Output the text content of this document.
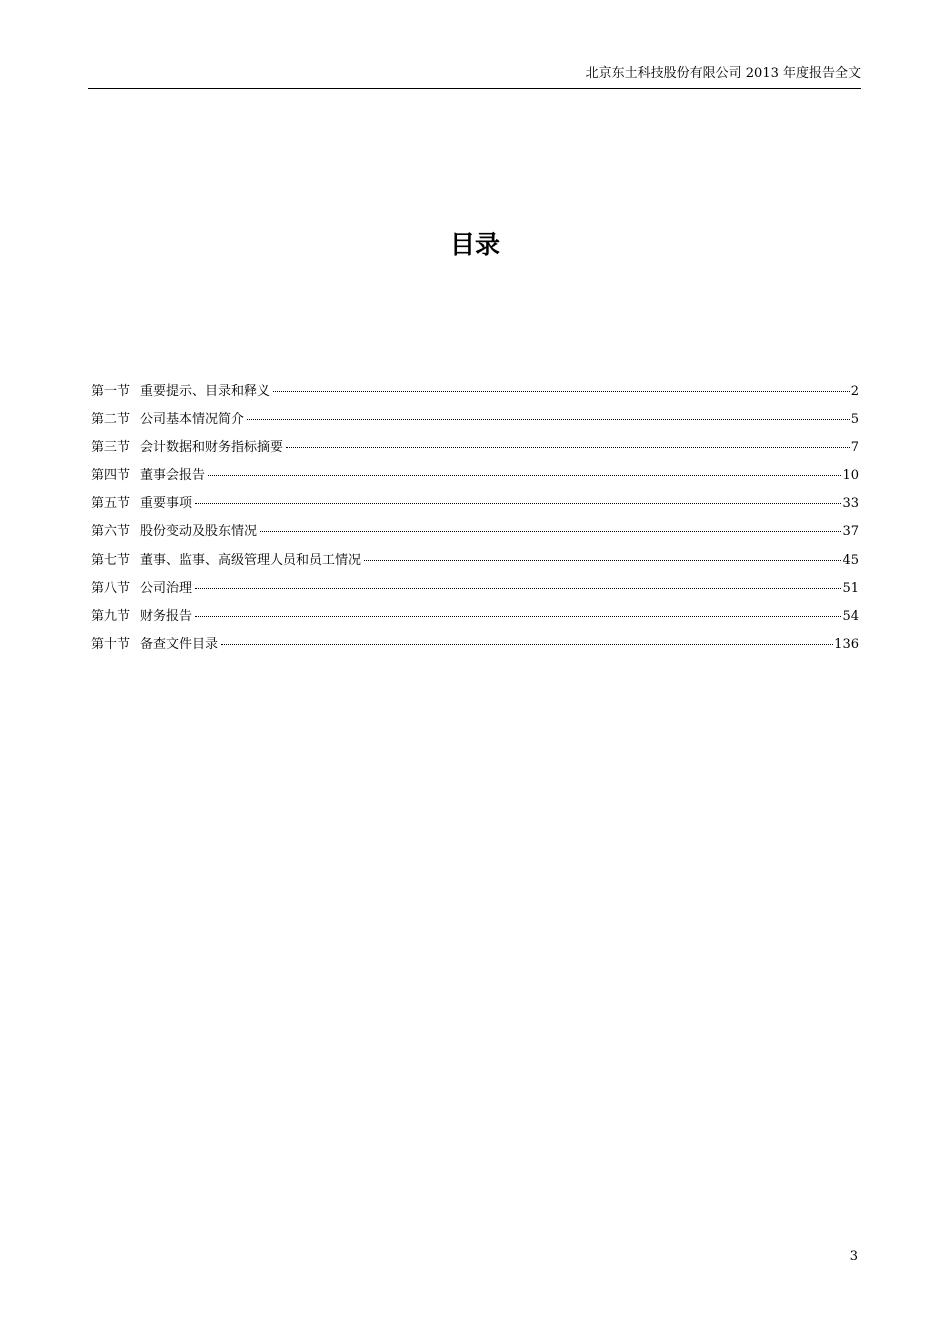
北京东土科技股份有限公司 2013 年度报告全文
目录
第一节 重要提示、目录和释义	2
第二节 公司基本情况简介	5
第三节 会计数据和财务指标摘要	7
第四节 董事会报告	10
第五节 重要事项	33
第六节 股份变动及股东情况	37
第七节 董事、监事、高级管理人员和员工情况	45
第八节 公司治理	51
第九节 财务报告	54
第十节 备查文件目录	136
3
